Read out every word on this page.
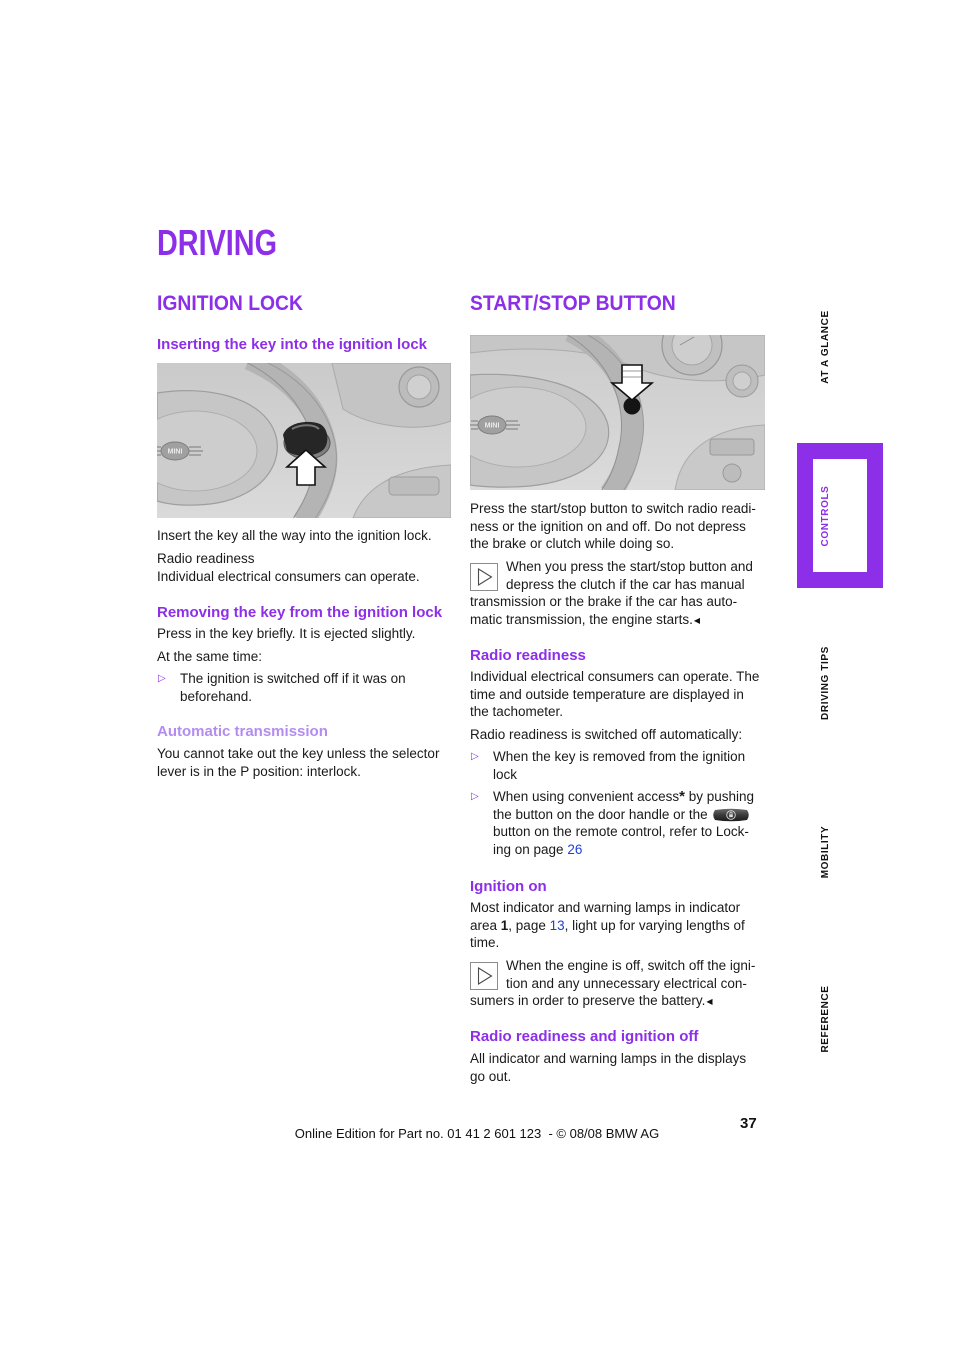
DRIVING
IGNITION LOCK
Inserting the key into the ignition lock
MINI
Insert the key all the way into the ignition lock.
Radio readiness
Individual electrical consumers can operate.
Removing the key from the ignition lock
Press in the key briefly. It is ejected slightly.
At the same time:
▷ The ignition is switched off if it was on
beforehand.
Automatic transmission
You cannot take out the key unless the selector
lever is in the P position: interlock.
START/STOP BUTTON
MINI
Press the start/stop button to switch radio readi-
ness or the ignition on and off. Do not depress
the brake or clutch while doing so.
When you press the start/stop button and
depress the clutch if the car has manual
transmission or the brake if the car has auto-
matic transmission, the engine starts.◀
Radio readiness
Individual electrical consumers can operate. The
time and outside temperature are displayed in
the tachometer.
Radio readiness is switched off automatically:
▷ When the key is removed from the ignition
lock
▷ When using convenient access* by pushing
the button on the door handle or the
button on the remote control, refer to Lock-
ing on page 26
Ignition on
Most indicator and warning lamps in indicator
area 1, page 13, light up for varying lengths of
time.
When the engine is off, switch off the igni-
tion and any unnecessary electrical con-
sumers in order to preserve the battery.◀
Radio readiness and ignition off
All indicator and warning lamps in the displays
go out.
AT A GLANCE
CONTROLS
DRIVING TIPS
MOBILITY
REFERENCE
37
Online Edition for Part no. 01 41 2 601 123  - © 08/08 BMW AG
